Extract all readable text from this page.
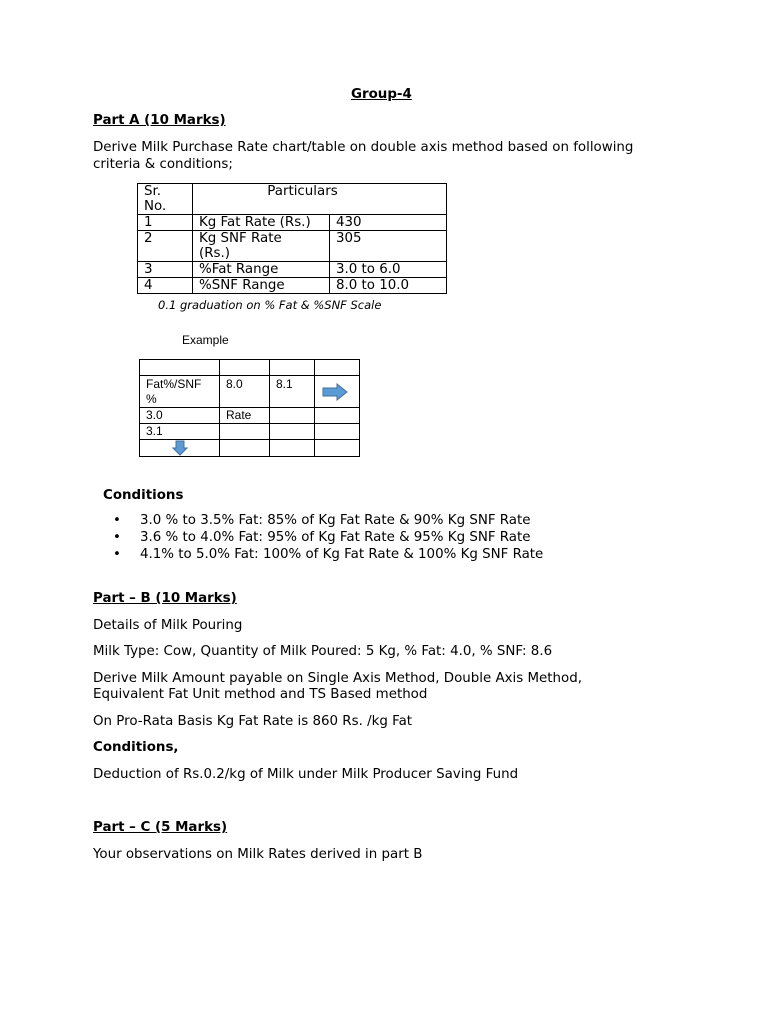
Group-4
Part A (10 Marks)
Derive Milk Purchase Rate chart/table on double axis method based on following
criteria & conditions;
Sr.
No.	Particulars	
1	Kg Fat Rate (Rs.)	430
2	Kg SNF Rate
(Rs.)	305
3	%Fat Range	3.0 to 6.0
4	%SNF Range	8.0 to 10.0
0.1 graduation on % Fat & %SNF Scale
Example

Fat%/SNF
%	8.0	8.1	

3.0	Rate		
3.1			

Conditions
• 3.0 % to 3.5% Fat: 85% of Kg Fat Rate & 90% Kg SNF Rate
• 3.6 % to 4.0% Fat: 95% of Kg Fat Rate & 95% Kg SNF Rate
• 4.1% to 5.0% Fat: 100% of Kg Fat Rate & 100% Kg SNF Rate
Part – B (10 Marks)
Details of Milk Pouring
Milk Type: Cow, Quantity of Milk Poured: 5 Kg, % Fat: 4.0, % SNF: 8.6
Derive Milk Amount payable on Single Axis Method, Double Axis Method,
Equivalent Fat Unit method and TS Based method
On Pro-Rata Basis Kg Fat Rate is 860 Rs. /kg Fat
Conditions,
Deduction of Rs.0.2/kg of Milk under Milk Producer Saving Fund
Part – C (5 Marks)
Your observations on Milk Rates derived in part B
